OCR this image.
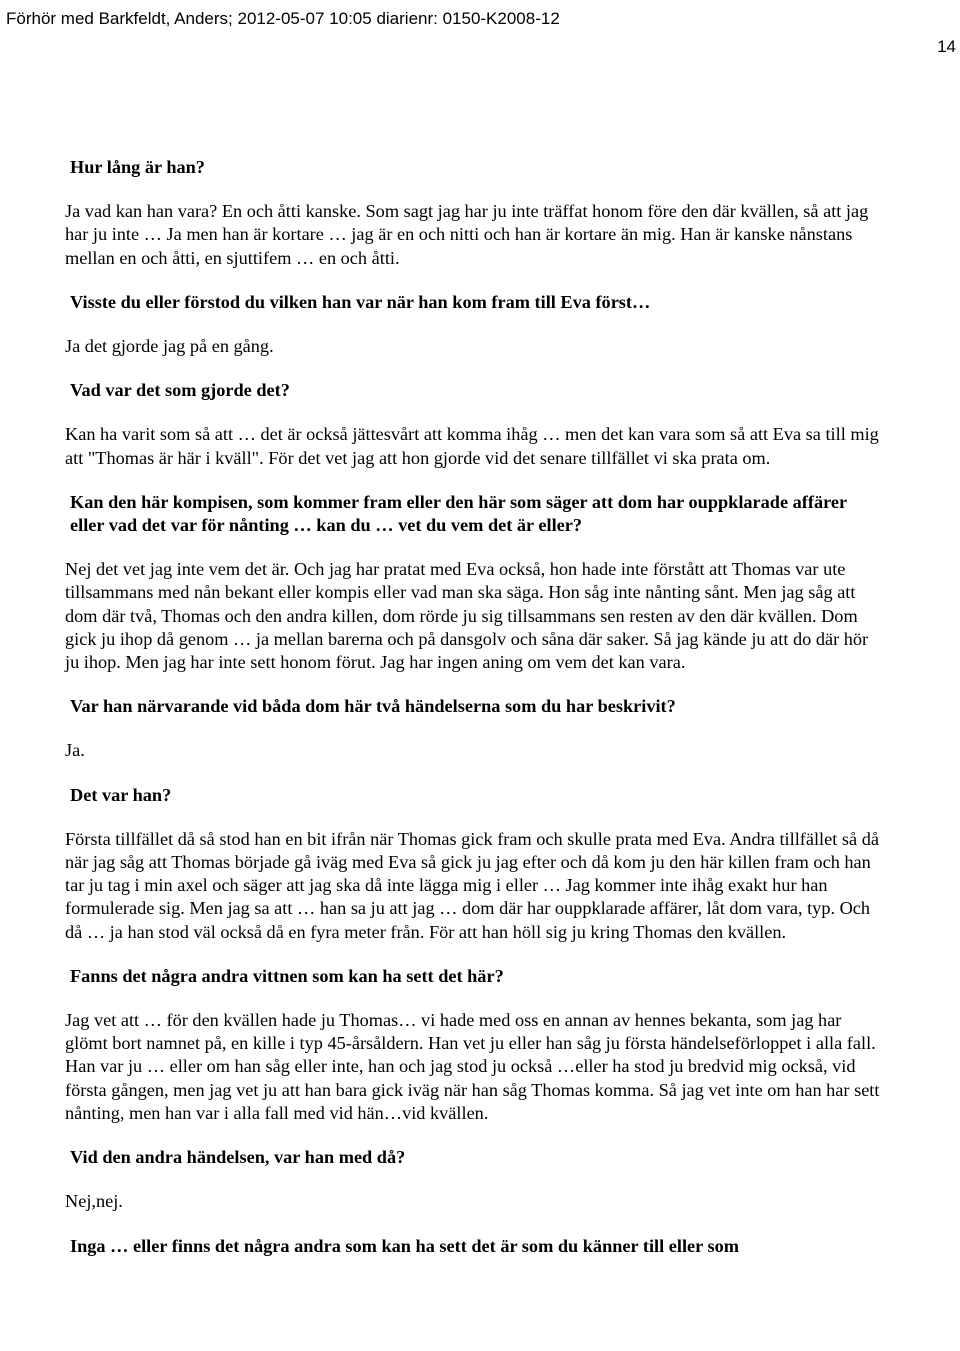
Förhör med Barkfeldt, Anders; 2012-05-07 10:05 diarienr: 0150-K2008-12
14

Hur lång är han?

Ja vad kan han vara? En och åtti kanske. Som sagt jag har ju inte träffat honom före den där kvällen, så att jag har ju inte … Ja men han är kortare … jag är en och nitti och han är kortare än mig. Han är kanske nånstans mellan en och åtti, en sjuttifem … en och åtti.

Visste du eller förstod du vilken han var när han kom fram till Eva först…

Ja det gjorde jag på en gång.

Vad var det som gjorde det?

Kan ha varit som så att … det är också jättesvårt att komma ihåg … men det kan vara som så att Eva sa till mig att "Thomas är här i kväll". För det vet jag att hon gjorde vid det senare tillfället vi ska prata om.

Kan den här kompisen, som kommer fram eller den här som säger att dom har ouppklarade affärer eller vad det var för nånting … kan du … vet du vem det är eller?

Nej det vet jag inte vem det är. Och jag har pratat med Eva också, hon hade inte förstått att Thomas var ute tillsammans med nån bekant eller kompis eller vad man ska säga. Hon såg inte nånting sånt. Men jag såg att dom där två, Thomas och den andra killen, dom rörde ju sig tillsammans sen resten av den där kvällen. Dom gick ju ihop då genom … ja mellan barerna och på dansgolv och såna där saker. Så jag kände ju att do där hör ju ihop. Men jag har inte sett honom förut. Jag har ingen aning om vem det kan vara.

Var han närvarande vid båda dom här två händelserna som du har beskrivit?

Ja.

Det var han?

Första tillfället då så stod han en bit ifrån när Thomas gick fram och skulle prata med Eva. Andra tillfället så då när jag såg att Thomas började gå iväg med Eva så gick ju jag efter och då kom ju den här killen fram och han tar ju tag i min axel och säger att jag ska då inte lägga mig i eller … Jag kommer inte ihåg exakt hur han formulerade sig. Men jag sa att … han sa ju att jag … dom där har ouppklarade affärer, låt dom vara, typ. Och då … ja han stod väl också då en fyra meter från. För att han höll sig ju kring Thomas den kvällen.

Fanns det några andra vittnen som kan ha sett det här?

Jag vet att … för den kvällen hade ju Thomas… vi hade med oss en annan av hennes bekanta, som jag har glömt bort namnet på, en kille i typ 45-årsåldern. Han vet ju eller han såg ju första händelseförloppet i alla fall. Han var ju … eller om han såg eller inte, han och jag stod ju också …eller ha stod ju bredvid mig också, vid första gången, men jag vet ju att han bara gick iväg när han såg Thomas komma. Så jag vet inte om han har sett nånting, men han var i alla fall med vid hän…vid kvällen.

Vid den andra händelsen, var han med då?

Nej,nej.

Inga … eller finns det några andra som kan ha sett det är som du känner till eller som
